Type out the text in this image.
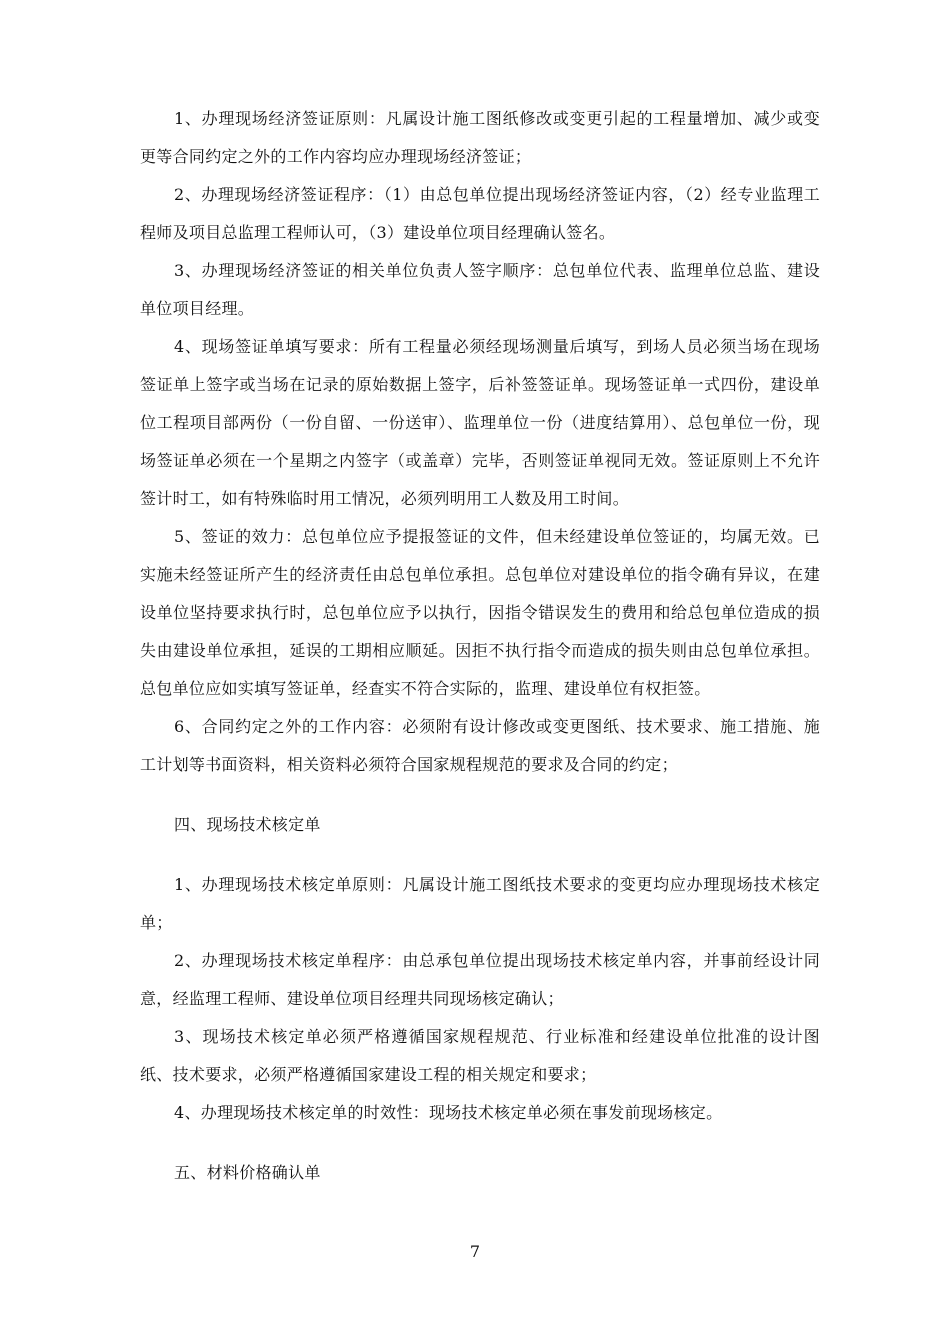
1、办理现场经济签证原则：凡属设计施工图纸修改或变更引起的工程量增加、减少或变更等合同约定之外的工作内容均应办理现场经济签证；

2、办理现场经济签证程序：（1）由总包单位提出现场经济签证内容，（2）经专业监理工程师及项目总监理工程师认可，（3）建设单位项目经理确认签名。

3、办理现场经济签证的相关单位负责人签字顺序：总包单位代表、监理单位总监、建设单位项目经理。

4、现场签证单填写要求：所有工程量必须经现场测量后填写，到场人员必须当场在现场签证单上签字或当场在记录的原始数据上签字，后补签签证单。现场签证单一式四份，建设单位工程项目部两份（一份自留、一份送审）、监理单位一份（进度结算用）、总包单位一份，现场签证单必须在一个星期之内签字（或盖章）完毕，否则签证单视同无效。签证原则上不允许签计时工，如有特殊临时用工情况，必须列明用工人数及用工时间。

5、签证的效力：总包单位应予提报签证的文件，但未经建设单位签证的，均属无效。已实施未经签证所产生的经济责任由总包单位承担。总包单位对建设单位的指令确有异议，在建设单位坚持要求执行时，总包单位应予以执行，因指令错误发生的费用和给总包单位造成的损失由建设单位承担，延误的工期相应顺延。因拒不执行指令而造成的损失则由总包单位承担。总包单位应如实填写签证单，经查实不符合实际的，监理、建设单位有权拒签。

6、合同约定之外的工作内容：必须附有设计修改或变更图纸、技术要求、施工措施、施工计划等书面资料，相关资料必须符合国家规程规范的要求及合同的约定；

四、现场技术核定单

1、办理现场技术核定单原则：凡属设计施工图纸技术要求的变更均应办理现场技术核定单；

2、办理现场技术核定单程序：由总承包单位提出现场技术核定单内容，并事前经设计同意，经监理工程师、建设单位项目经理共同现场核定确认；

3、现场技术核定单必须严格遵循国家规程规范、行业标准和经建设单位批准的设计图纸、技术要求，必须严格遵循国家建设工程的相关规定和要求；

4、办理现场技术核定单的时效性：现场技术核定单必须在事发前现场核定。

五、材料价格确认单

7
